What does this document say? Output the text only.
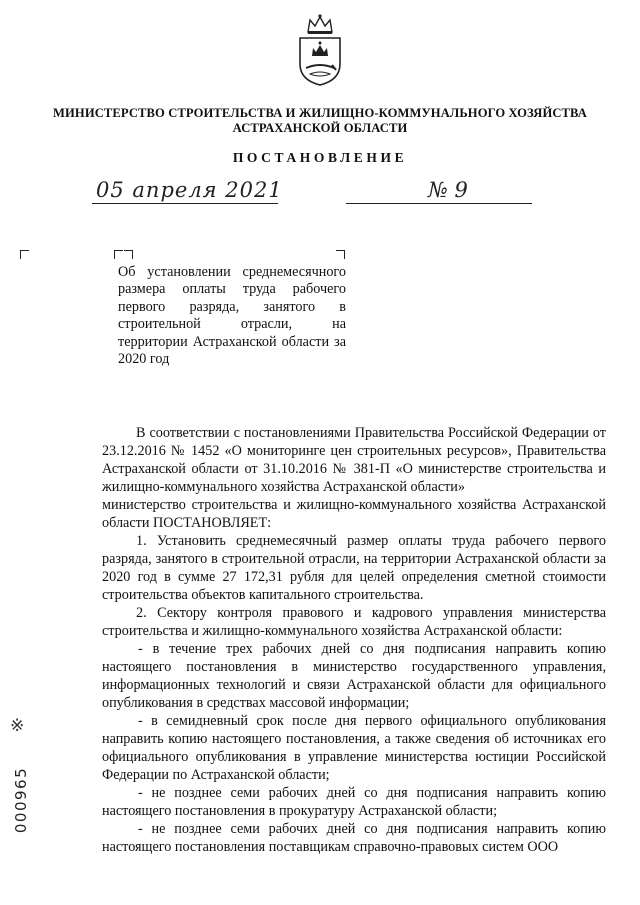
МИНИСТЕРСТВО СТРОИТЕЛЬСТВА И ЖИЛИЩНО-КОММУНАЛЬНОГО ХОЗЯЙСТВА
АСТРАХАНСКОЙ ОБЛАСТИ
ПОСТАНОВЛЕНИЕ
05 апреля 2021	№ 9
Об установлении среднемесячного размера оплаты труда рабочего первого разряда, занятого в строительной отрасли, на территории Астраханской области за 2020 год

В соответствии с постановлениями Правительства Российской Федерации от 23.12.2016 № 1452 «О мониторинге цен строительных ресурсов», Правительства Астраханской области от 31.10.2016 № 381-П «О министерстве строительства и жилищно-коммунального хозяйства Астраханской области»

министерство строительства и жилищно-коммунального хозяйства Астраханской области ПОСТАНОВЛЯЕТ:

1. Установить среднемесячный размер оплаты труда рабочего первого разряда, занятого в строительной отрасли, на территории Астраханской области за 2020 год в сумме 27 172,31 рубля для целей определения сметной стоимости строительства объектов капитального строительства.

2. Сектору контроля правового и кадрового управления министерства строительства и жилищно-коммунального хозяйства Астраханской области:

- в течение трех рабочих дней со дня подписания направить копию настоящего постановления в министерство государственного управления, информационных технологий и связи Астраханской области для официального опубликования в средствах массовой информации;

- в семидневный срок после дня первого официального опубликования направить копию настоящего постановления, а также сведения об источниках его официального опубликования в управление министерства юстиции Российской Федерации по Астраханской области;

- не позднее семи рабочих дней со дня подписания направить копию настоящего постановления в прокуратуру Астраханской области;

- не позднее семи рабочих дней со дня подписания направить копию настоящего постановления поставщикам справочно-правовых систем ООО

※
000965
